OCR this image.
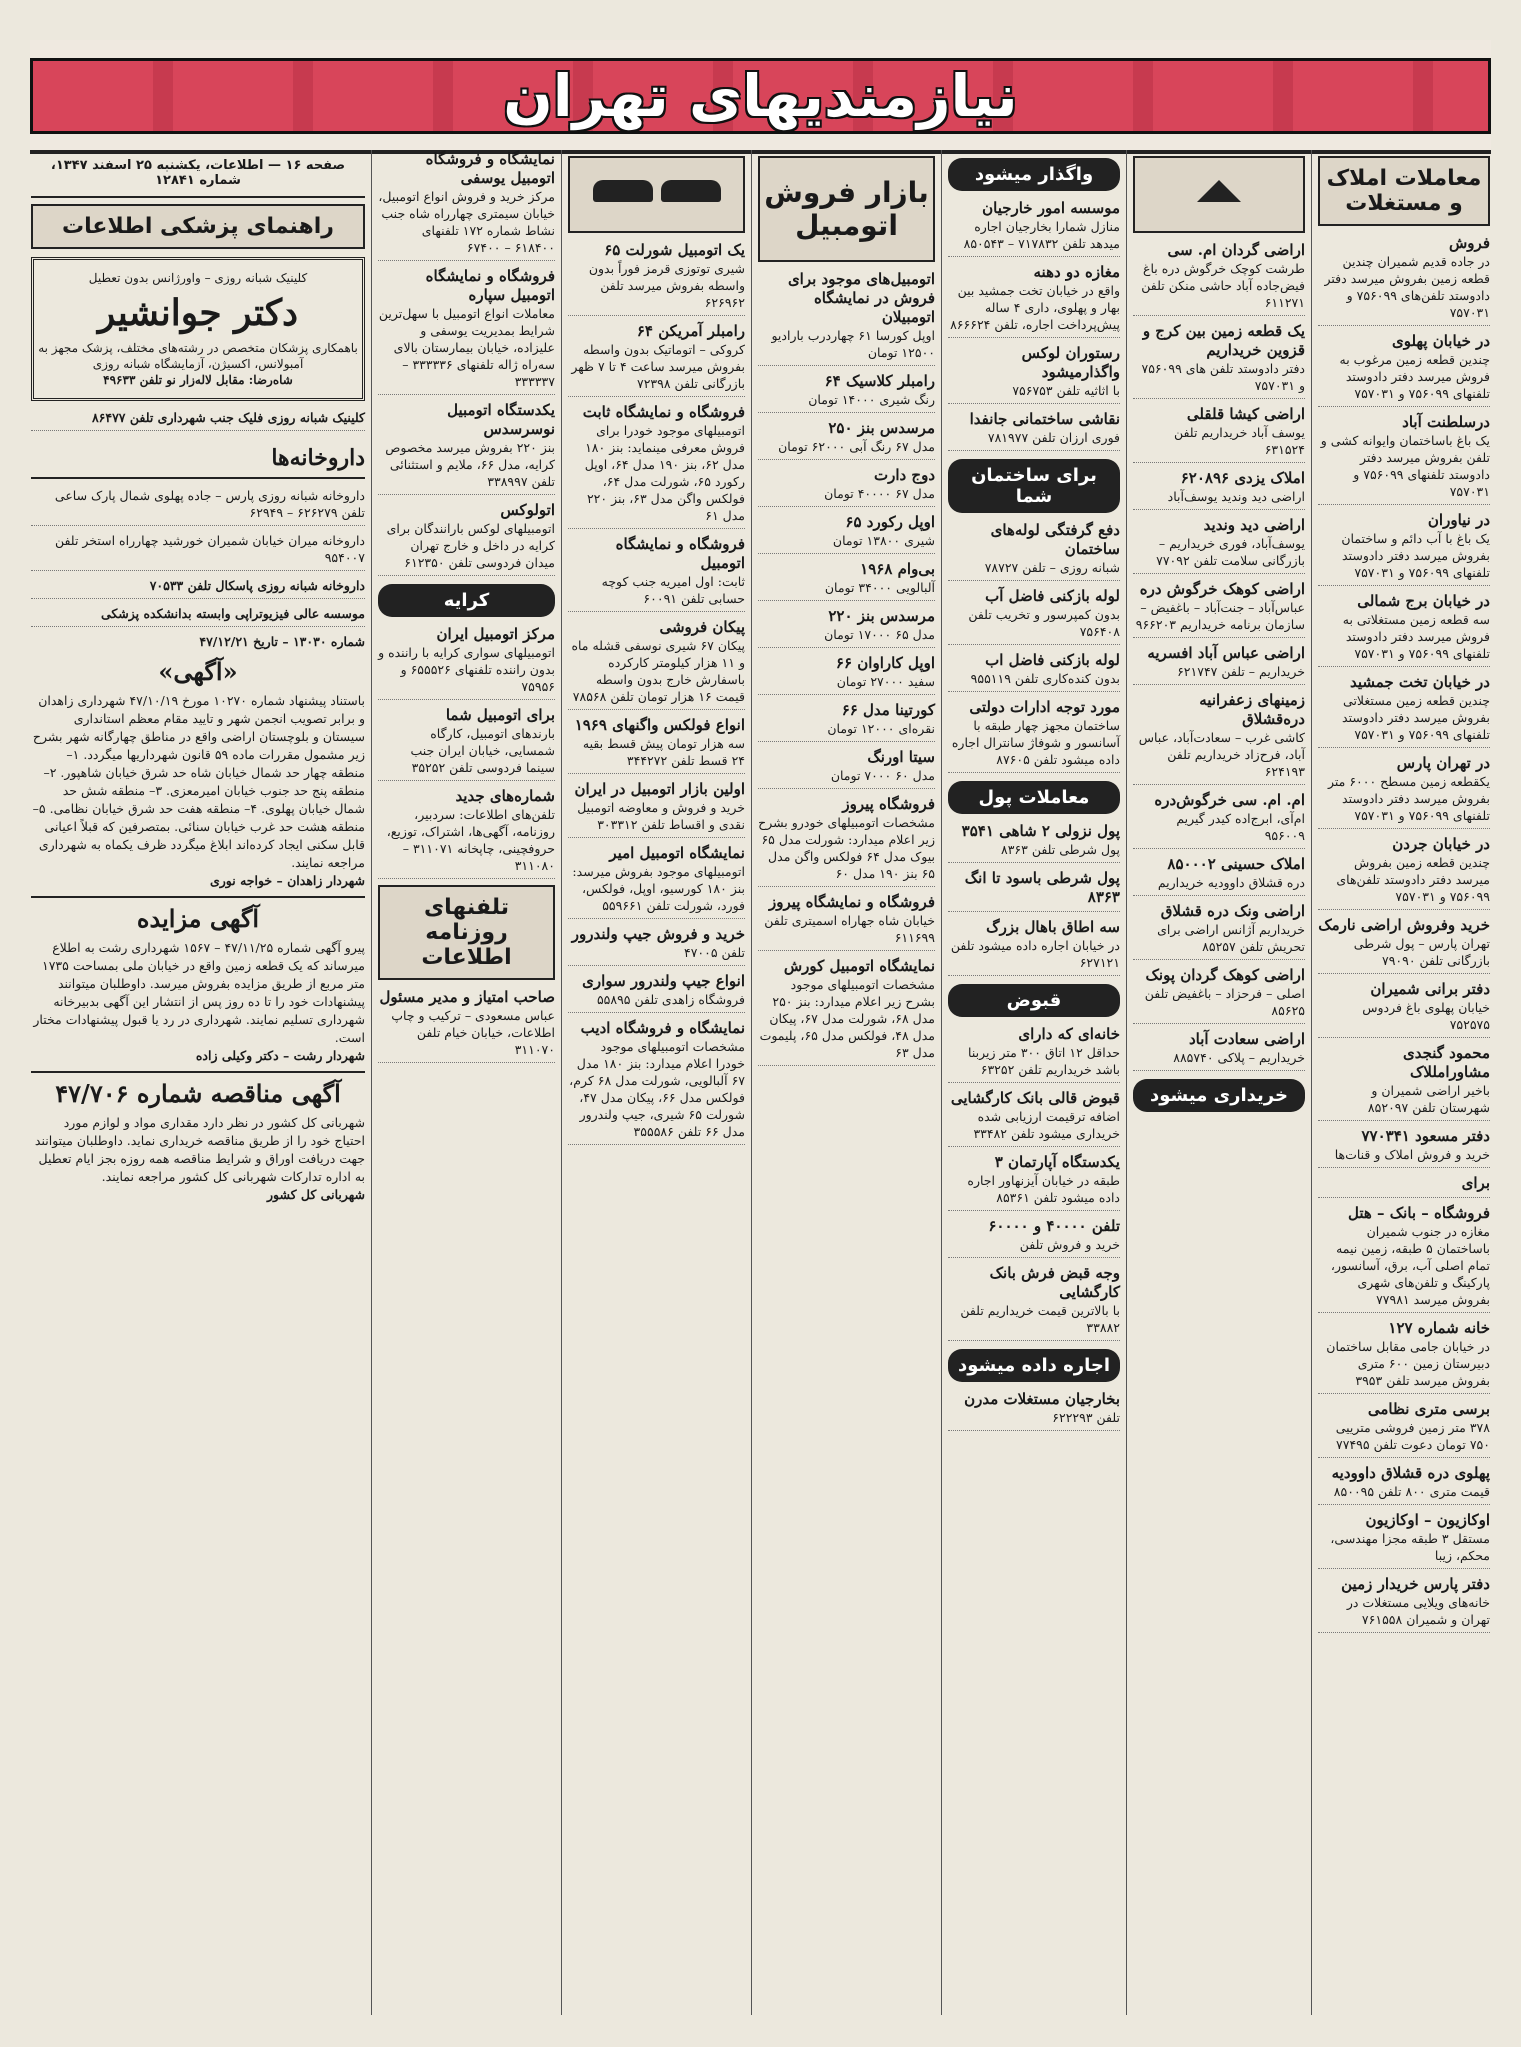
نیازمندیهای تهران
معاملات املاک و مستغلات
فروش
در جاده قدیم شمیران چندین قطعه زمین بفروش میرسد دفتر دادوستد تلفن‌های ۷۵۶۰۹۹ و ۷۵۷۰۳۱
در خیابان پهلوی
چندین قطعه زمین مرغوب به فروش میرسد دفتر دادوستد تلفنهای ۷۵۶۰۹۹ و ۷۵۷۰۳۱
درسلطنت آباد
یک باغ باساختمان وایوانه کشی و تلفن بفروش میرسد دفتر دادوستد تلفنهای ۷۵۶۰۹۹ و ۷۵۷۰۳۱
در نیاوران
یک باغ با آب دائم و ساختمان بفروش میرسد دفتر دادوستد تلفنهای ۷۵۶۰۹۹ و ۷۵۷۰۳۱
در خیابان برج شمالی
سه قطعه زمین مستغلاتی به فروش میرسد دفتر دادوستد تلفنهای ۷۵۶۰۹۹ و ۷۵۷۰۳۱
در خیابان تخت جمشید
چندین قطعه زمین مستغلاتی بفروش میرسد دفتر دادوستد تلفنهای ۷۵۶۰۹۹ و ۷۵۷۰۳۱
در تهران پارس
یکقطعه زمین مسطح ۶۰۰۰ متر بفروش میرسد دفتر دادوستد تلفنهای ۷۵۶۰۹۹ و ۷۵۷۰۳۱
در خیابان جردن
چندین قطعه زمین بفروش میرسد دفتر دادوستد تلفن‌های ۷۵۶۰۹۹ و ۷۵۷۰۳۱
خرید وفروش اراضی نارمک
تهران پارس – پول شرطی بازرگانی تلفن ۷۹۰۹۰
دفتر برانی شمیران
خیابان پهلوی باغ فردوس ۷۵۲۵۷۵
محمود گنجدی مشاورامللاک
باخیر اراضی شمیران و شهرستان تلفن ۸۵۲۰۹۷
دفتر مسعود ۷۷۰۳۴۱
خرید و فروش املاک و قنات‌ها
برای
فروشگاه – بانک – هتل
مغازه در جنوب شمیران باساختمان ۵ طبقه، زمین نیمه تمام اصلی آب، برق، آسانسور، پارکینگ و تلفن‌های شهری بفروش میرسد ۷۷۹۸۱
خانه شماره ۱۲۷
در خیابان جامی مقابل ساختمان دبیرستان زمین ۶۰۰ متری بفروش میرسد تلفن ۳۹۵۳
برسی متری نظامی
۳۷۸ متر زمین فروشی مترییی ۷۵۰ تومان دعوت تلفن ۷۷۴۹۵
پهلوی دره قشلاق داوودیه
قیمت متری ۸۰۰ تلفن ۸۵۰۰۹۵
اوکازیون – اوکازیون
مستقل ۳ طبقه مجزا مهندسی، محکم، زیبا
دفتر پارس خریدار زمین
خانه‌های ویلایی مستغلات در تهران و شمیران ۷۶۱۵۵۸
اراضی گردان ام. سی
طرشت کوچک خرگوش دره باغ فیض‌جاده آباد حاشی منکن تلفن ۶۱۱۲۷۱
یک قطعه زمین بین کرج و قزوین خریداریم
دفتر دادوستد تلفن های ۷۵۶۰۹۹ و ۷۵۷۰۳۱
اراضی کیشا قلقلی
یوسف آباد خریداریم تلفن ۶۳۱۵۲۴
املاک یزدی ۶۲۰۸۹۶
اراضی دید وندید یوسف‌آباد
اراضی دید وندید
یوسف‌آباد، فوری خریداریم – بازرگانی سلامت تلفن ۷۷۰۹۲
اراضی کوهک خرگوش دره
عباس‌آباد – جنت‌آباد – باغفیض – سازمان برنامه خریداریم ۹۶۶۲۰۳
اراضی عباس آباد افسریه
خریداریم – تلفن ۶۲۱۷۴۷
زمینهای زعفرانیه دره‌قشلاق
کاشی غرب – سعادت‌آباد، عباس آباد، فرح‌زاد خریداریم تلفن ۶۲۴۱۹۳
ام. ام. سی خرگوش‌دره
ام‌آی، ابرج‌اده کیدر گیریم ۹۵۶۰۰۹
املاک حسینی ۸۵۰۰۰۲
دره قشلاق داوودیه خریداریم
اراضی ونک دره قشلاق
خریداریم آژانس اراضی برای تحریش تلفن ۸۵۲۵۷
اراضی کوهک گردان پونک
اصلی – فرحزاد – باغفیض تلفن ۸۵۶۲۵
اراضی سعادت آباد
خریداریم – پلاکی ۸۸۵۷۴۰
خریداری میشود
واگذار میشود
موسسه امور خارجیان
منازل شمارا بخارجیان اجاره میدهد تلفن ۷۱۷۸۳۲ – ۸۵۰۵۴۳
مغازه دو دهنه
واقع در خیابان تخت جمشید بین بهار و پهلوی، داری ۴ ساله پیش‌پرداخت اجاره، تلفن ۸۶۶۶۲۴
رستوران لوکس واگذارمیشود
با اثاثیه تلفن ۷۵۶۷۵۳
نقاشی ساختمانی جانفدا
فوری ارزان تلفن ۷۸۱۹۷۷
برای ساختمان شما
دفع گرفتگی لوله‌های ساختمان
شبانه روزی – تلفن ۷۸۷۲۷
لوله بازکنی فاضل آب
بدون کمپرسور و تخریب تلفن ۷۵۶۴۰۸
لوله بازکنی فاضل اب
بدون کنده‌کاری تلفن ۹۵۵۱۱۹
مورد توجه ادارات دولتی
ساختمان مجهز چهار طبقه با آسانسور و شوفاژ سانترال اجاره داده میشود تلفن ۸۷۶۰۵
معاملات پول
پول نزولی ۲ شاهی ۳۵۴۱
پول شرطی تلفن ۸۳۶۳
پول شرطی باسود تا انگ ۸۳۶۳
سه اطاق باهال بزرگ
در خیابان اجاره داده میشود تلفن ۶۲۷۱۲۱
قبوض
خانه‌ای که دارای
حداقل ۱۲ اتاق ۳۰۰ متر زیربنا باشد خریداریم تلفن ۶۳۲۵۲
قبوض قالی بانک کارگشایی
اضافه ترقیمت ارزیابی شده خریداری میشود تلفن ۳۳۴۸۲
یکدستگاه آپارتمان ۳
طبقه در خیابان آیزنهاور اجاره داده میشود تلفن ۸۵۳۶۱
تلفن ۴۰۰۰۰ و ۶۰۰۰۰
خرید و فروش تلفن
وجه قبض فرش بانک کارگشایی
با بالاترین قیمت خریداریم تلفن ۳۳۸۸۲
اجاره داده میشود
بخارجیان مستغلات مدرن
تلفن ۶۲۲۲۹۳
بازار فروش اتومبیل
اتومبیل‌های موجود برای فروش در نمایشگاه اتومبیلان
اوپل کورسا ۶۱ چهاردرب بارادیو ۱۲۵۰۰ تومان
رامبلر کلاسیک ۶۴
رنگ شیری ۱۴۰۰۰ تومان
مرسدس بنز ۲۵۰
مدل ۶۷ رنگ آبی ۶۲۰۰۰ تومان
دوج دارت
مدل ۶۷ ۴۰۰۰۰ تومان
اوپل رکورد ۶۵
شیری ۱۳۸۰۰ تومان
بی‌وام ۱۹۶۸
آلبالویی ۳۴۰۰۰ تومان
مرسدس بنز ۲۲۰
مدل ۶۵ ۱۷۰۰۰ تومان
اوپل کاراوان ۶۶
سفید ۲۷۰۰۰ تومان
کورتینا مدل ۶۶
نقره‌ای ۱۲۰۰۰ تومان
سیتا اورنگ
مدل ۶۰ ۷۰۰۰ تومان
فروشگاه پیروز
مشخصات اتومبیلهای خودرو بشرح زیر اعلام میدارد: شورلت مدل ۶۵ بیوک مدل ۶۴ فولکس واگن مدل ۶۵ بنز ۱۹۰ مدل ۶۰
فروشگاه و نمایشگاه پیروز
خیابان شاه جهاراه اسمیتری تلفن ۶۱۱۶۹۹
نمایشگاه اتومبیل کورش
مشخصات اتومبیلهای موجود بشرح زیر اعلام میدارد: بنز ۲۵۰ مدل ۶۸، شورلت مدل ۶۷، پیکان مدل ۴۸، فولکس مدل ۶۵، پلیموت مدل ۶۳
یک اتومبیل شورلت ۶۵
شیری توتوزی قرمز فوراً بدون واسطه بفروش میرسد تلفن ۶۲۶۹۶۲
رامبلر آمریکن ۶۴
کروکی – اتوماتیک بدون واسطه بفروش میرسد ساعت ۴ تا ۷ ظهر بازرگانی تلفن ۷۲۳۹۸
فروشگاه و نمایشگاه ثابت
اتومبیلهای موجود خودرا برای فروش معرفی مینماید: بنز ۱۸۰ مدل ۶۲، بنز ۱۹۰ مدل ۶۴، اوپل رکورد ۶۵، شورلت مدل ۶۴، فولکس واگن مدل ۶۳، بنز ۲۲۰ مدل ۶۱
فروشگاه و نمایشگاه اتومبیل
ثابت: اول امیریه جنب کوچه حسابی تلفن ۶۰۰۹۱
پیکان فروشی
پیکان ۶۷ شیری نوسفی قشله ماه و ۱۱ هزار کیلومتر کارکرده باسفارش خارج بدون واسطه قیمت ۱۶ هزار تومان تلفن ۷۸۵۶۸
انواع فولکس واگنهای ۱۹۶۹
سه هزار تومان پیش قسط بقیه ۲۴ قسط تلفن ۳۴۴۲۷۲
اولین بازار اتومبیل در ایران
خرید و فروش و معاوضه اتومبیل نقدی و اقساط تلفن ۳۰۳۳۱۲
نمایشگاه اتومبیل امیر
اتومبیلهای موجود بفروش میرسد: بنز ۱۸۰ کورسیو، اوپل، فولکس، فورد، شورلت تلفن ۵۵۹۶۶۱
خرید و فروش جیپ ولندرور
تلفن ۴۷۰۰۵
انواع جیپ ولندرور سواری
فروشگاه زاهدی تلفن ۵۵۸۹۵
نمایشگاه و فروشگاه ادیب
مشخصات اتومبیلهای موجود خودرا اعلام میدارد: بنز ۱۸۰ مدل ۶۷ آلبالویی، شورلت مدل ۶۸ کرم، فولکس مدل ۶۶، پیکان مدل ۴۷، شورلت ۶۵ شیری، جیپ ولندرور مدل ۶۶ تلفن ۳۵۵۵۸۶
نمایشگاه و فروشگاه اتومبیل یوسفی
مرکز خرید و فروش انواع اتومبیل، خیابان سیمتری چهارراه شاه جنب نشاط شماره ۱۷۲ تلفنهای ۶۱۸۴۰۰ – ۶۷۴۰۰
فروشگاه و نمایشگاه اتومبیل سپاره
معاملات انواع اتومبیل با سهل‌ترین شرایط بمدیریت یوسفی و علیزاده، خیابان بیمارستان بالای سه‌راه ژاله تلفنهای ۳۳۳۳۳۶ – ۳۳۳۳۳۷
یکدستگاه اتومبیل نوسرسدس
بنز ۲۲۰ بفروش میرسد مخصوص کرایه، مدل ۶۶، ملایم و استثنائی تلفن ۳۳۸۹۹۷
اتولوکس
اتومبیلهای لوکس بارانندگان برای کرایه در داخل و خارج تهران میدان فردوسی تلفن ۶۱۲۳۵۰
کرایه
مرکز اتومبیل ایران
اتومبیلهای سواری کرایه با راننده و بدون راننده تلفنهای ۶۵۵۵۲۶ و ۷۵۹۵۶
برای اتومبیل شما
بارندهای اتومبیل، کارگاه شمسایی، خیابان ایران جنب سینما فردوسی تلفن ۳۵۲۵۲
شماره‌های جدید
تلفن‌های اطلاعات: سردبیر، روزنامه، آگهی‌ها، اشتراک، توزیع، حروفچینی، چاپخانه ۳۱۱۰۷۱ – ۳۱۱۰۸۰
تلفنهای روزنامه اطلاعات
صاحب امتیاز و مدیر مسئول
عباس مسعودی – ترکیب و چاپ اطلاعات، خیابان خیام تلفن ۳۱۱۰۷۰
صفحه ۱۶ — اطلاعات، یکشنبه ۲۵ اسفند ۱۳۴۷، شماره ۱۲۸۴۱
راهنمای پزشکی اطلاعات
کلینیک شبانه روزی – واورژانس بدون تعطیل
دکتر جوانشیر
باهمکاری پزشکان متخصص در رشته‌های مختلف، پزشک مجهز به آمبولانس، اکسیژن، آزمایشگاه شبانه روزی
شاه‌رضا: مقابل لاله‌زار نو تلفن ۴۹۶۳۳
کلینیک شبانه روزی فلیک جنب شهرداری تلفن ۸۶۴۷۷
داروخانه‌ها
داروخانه شبانه روزی پارس – جاده پهلوی شمال پارک ساعی تلفن ۶۲۶۲۷۹ – ۶۲۹۴۹
داروخانه میران خیابان شمیران خورشید چهارراه استخر تلفن ۹۵۴۰۰۷
داروخانه شبانه روزی پاسکال تلفن ۷۰۵۳۳
موسسه عالی فیزیوتراپی وابسته بدانشکده پزشکی
شماره ۱۳۰۳۰ – تاریخ ۴۷/۱۲/۲۱
«آگهی»
باستناد پیشنهاد شماره ۱۰۲۷۰ مورخ ۴۷/۱۰/۱۹ شهرداری زاهدان و برابر تصویب انجمن شهر و تایید مقام معظم استانداری سیستان و بلوچستان اراضی واقع در مناطق چهارگانه شهر بشرح زیر مشمول مقررات ماده ۵۹ قانون شهرداریها میگردد. ۱– منطقه چهار حد شمال خیابان شاه حد شرق خیابان شاهپور. ۲– منطقه پنج حد جنوب خیابان امیرمعزی. ۳– منطقه شش حد شمال خیابان پهلوی. ۴– منطقه هفت حد شرق خیابان نظامی. ۵– منطقه هشت حد غرب خیابان سنائی. بمتصرفین که قبلاً اعیانی قابل سکنی ایجاد کرده‌اند ابلاغ میگردد ظرف یکماه به شهرداری مراجعه نمایند.
شهردار زاهدان – خواجه نوری
آگهی مزایده
پیرو آگهی شماره ۴۷/۱۱/۲۵ – ۱۵۶۷ شهرداری رشت به اطلاع میرساند که یک قطعه زمین واقع در خیابان ملی بمساحت ۱۷۳۵ متر مربع از طریق مزایده بفروش میرسد. داوطلبان میتوانند پیشنهادات خود را تا ده روز پس از انتشار این آگهی بدبیرخانه شهرداری تسلیم نمایند. شهرداری در رد یا قبول پیشنهادات مختار است.
شهردار رشت – دکتر وکیلی زاده
آگهی مناقصه شماره ۴۷/۷۰۶
شهربانی کل کشور در نظر دارد مقداری مواد و لوازم مورد احتیاج خود را از طریق مناقصه خریداری نماید. داوطلبان میتوانند جهت دریافت اوراق و شرایط مناقصه همه روزه بجز ایام تعطیل به اداره تدارکات شهربانی کل کشور مراجعه نمایند.
شهربانی کل کشور
